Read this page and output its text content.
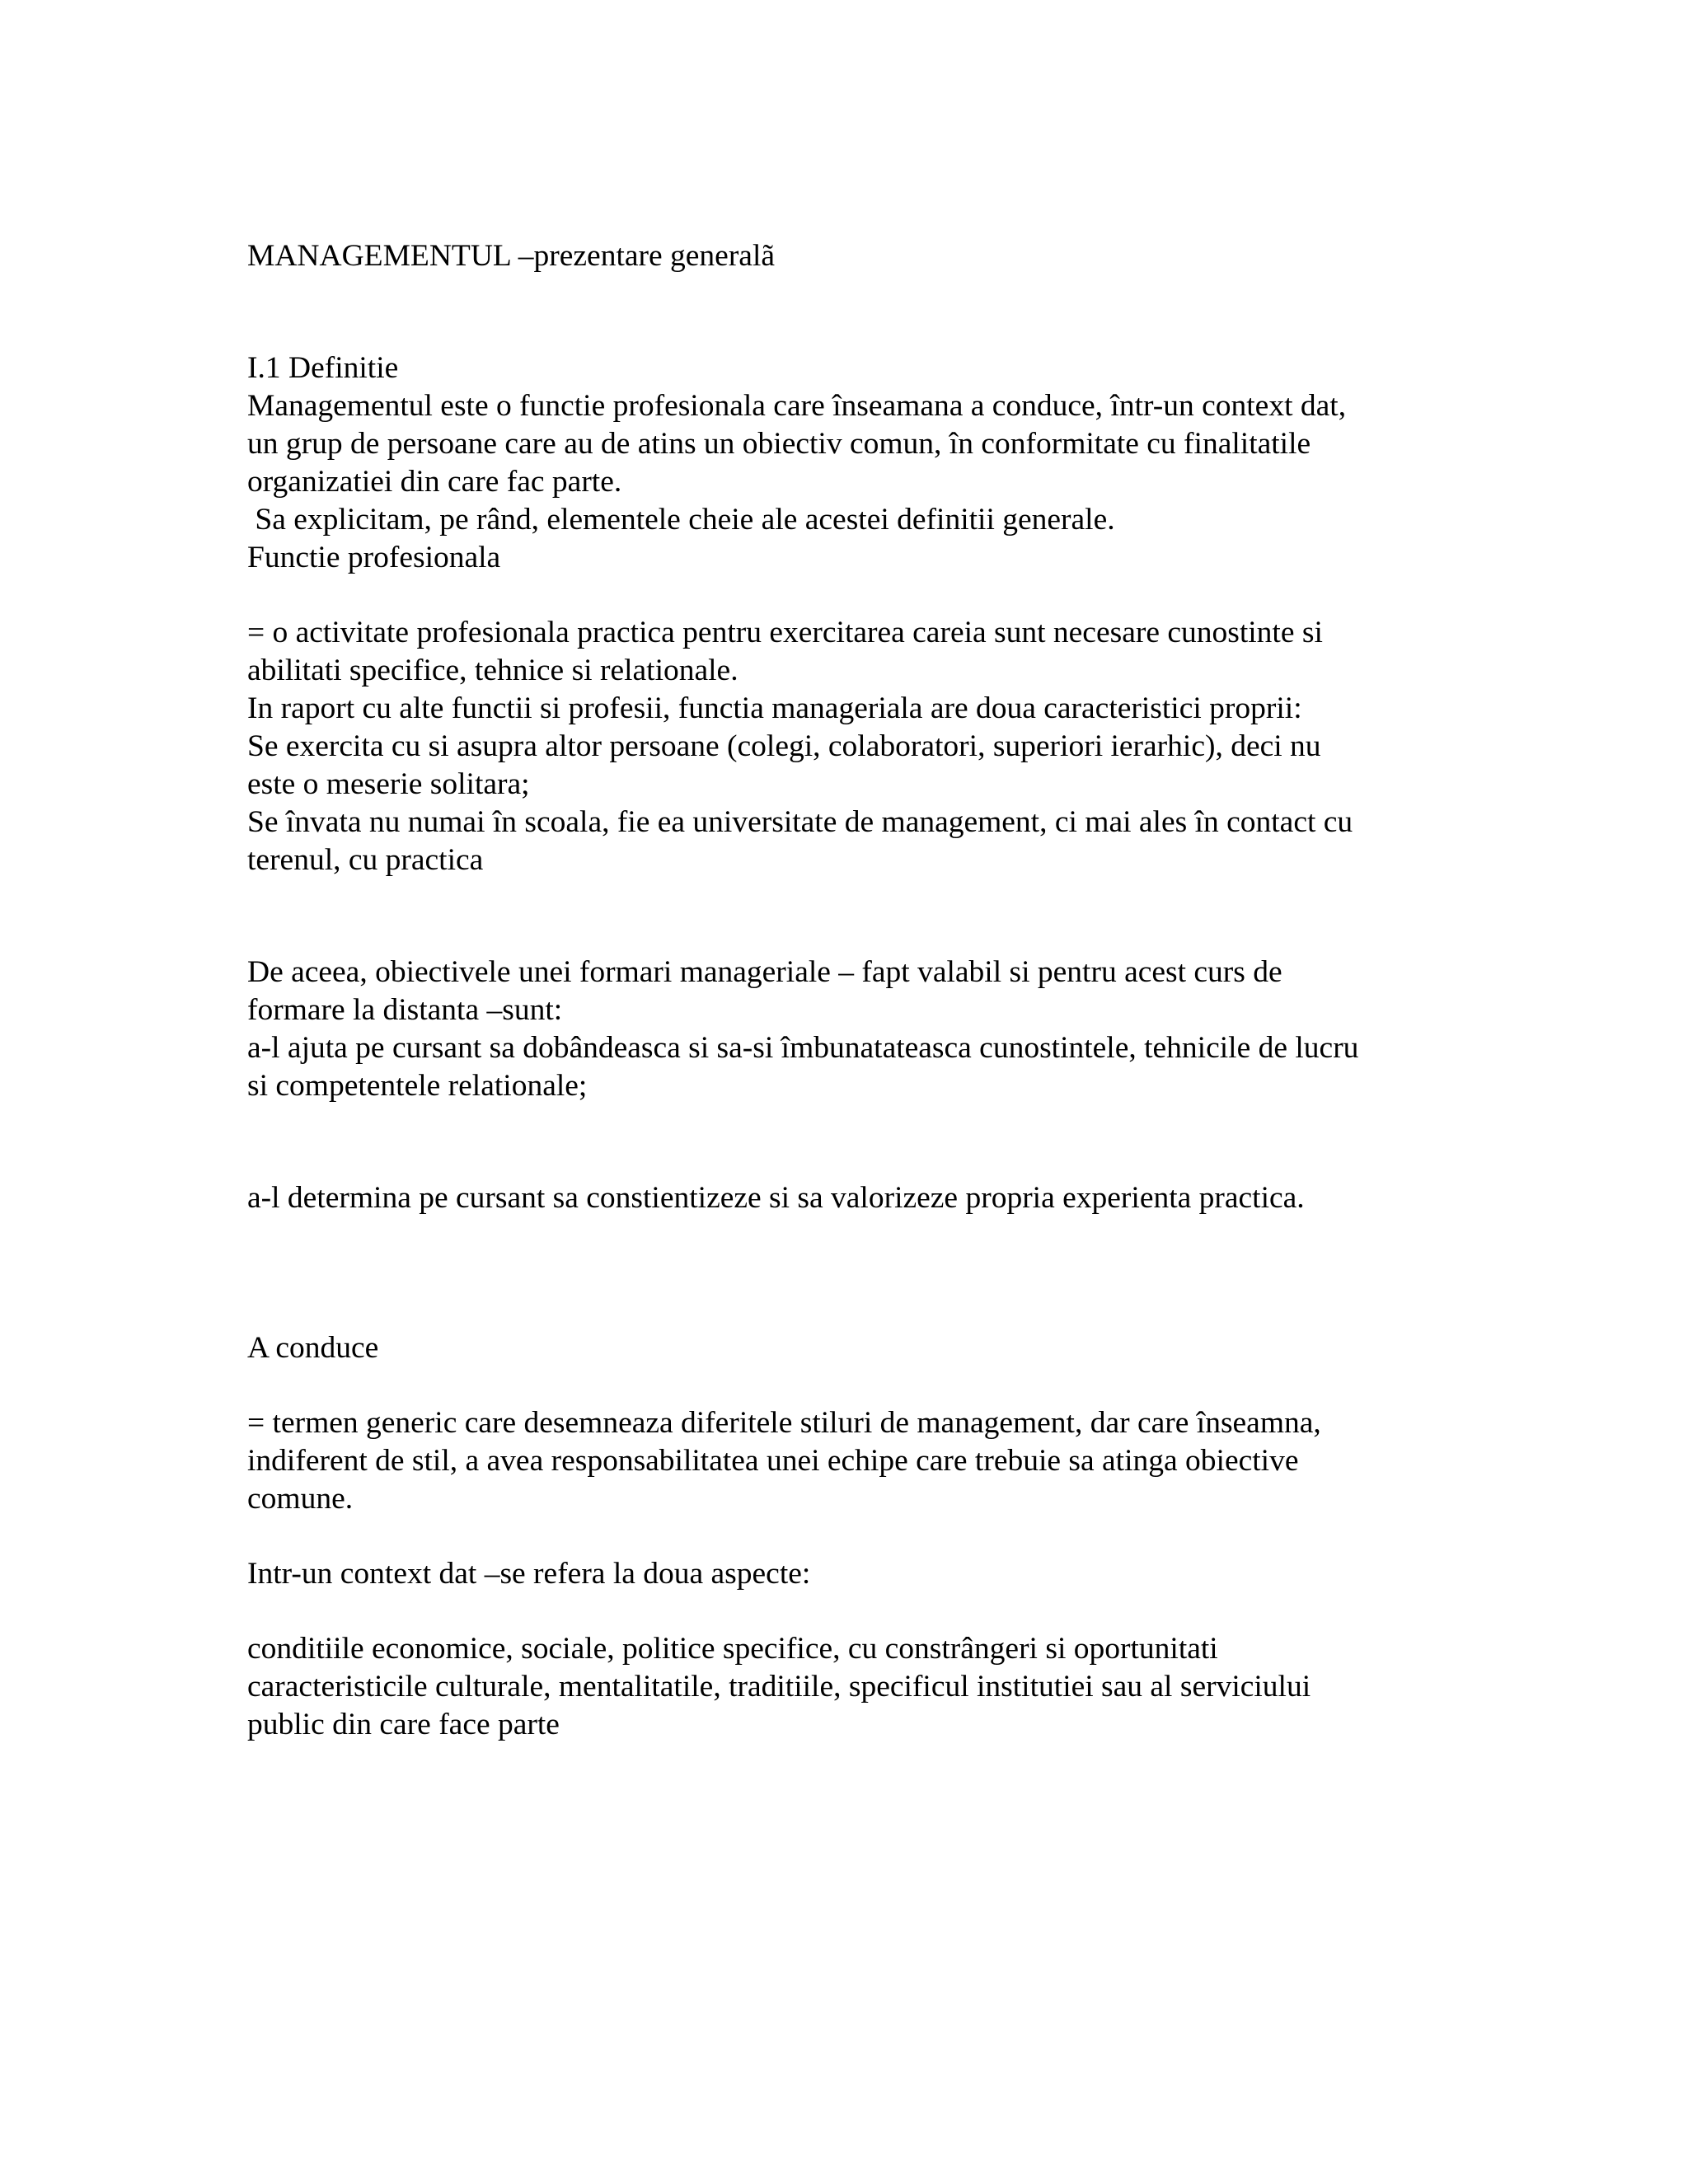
MANAGEMENTUL –prezentare generalã

I.1 Definitie

Managementul este o functie profesionala care înseamana a conduce, într-un context dat,

un grup de persoane care au de atins un obiectiv comun, în conformitate cu finalitatile

organizatiei din care fac parte.

Sa explicitam, pe rând, elementele cheie ale acestei definitii generale.

Functie profesionala

= o activitate profesionala practica pentru exercitarea careia sunt necesare cunostinte si

abilitati specifice, tehnice si relationale.

In raport cu alte functii si profesii, functia manageriala are doua caracteristici proprii:

Se exercita cu si asupra altor persoane (colegi, colaboratori, superiori ierarhic), deci nu

este o meserie solitara;

Se învata nu numai în scoala, fie ea universitate de management, ci mai ales în contact cu

terenul, cu practica

De aceea, obiectivele unei formari manageriale – fapt valabil si pentru acest curs de

formare la distanta –sunt:

a-l ajuta pe cursant sa dobândeasca si sa-si îmbunatateasca cunostintele, tehnicile de lucru

si competentele relationale;

a-l determina pe cursant sa constientizeze si sa valorizeze propria experienta practica.

A conduce

= termen generic care desemneaza diferitele stiluri de management, dar care înseamna,

indiferent de stil, a avea responsabilitatea unei echipe care trebuie sa atinga obiective

comune.

Intr-un context dat –se refera la doua aspecte:

conditiile economice, sociale, politice specifice, cu constrângeri si oportunitati

caracteristicile culturale, mentalitatile, traditiile, specificul institutiei sau al serviciului

public din care face parte
